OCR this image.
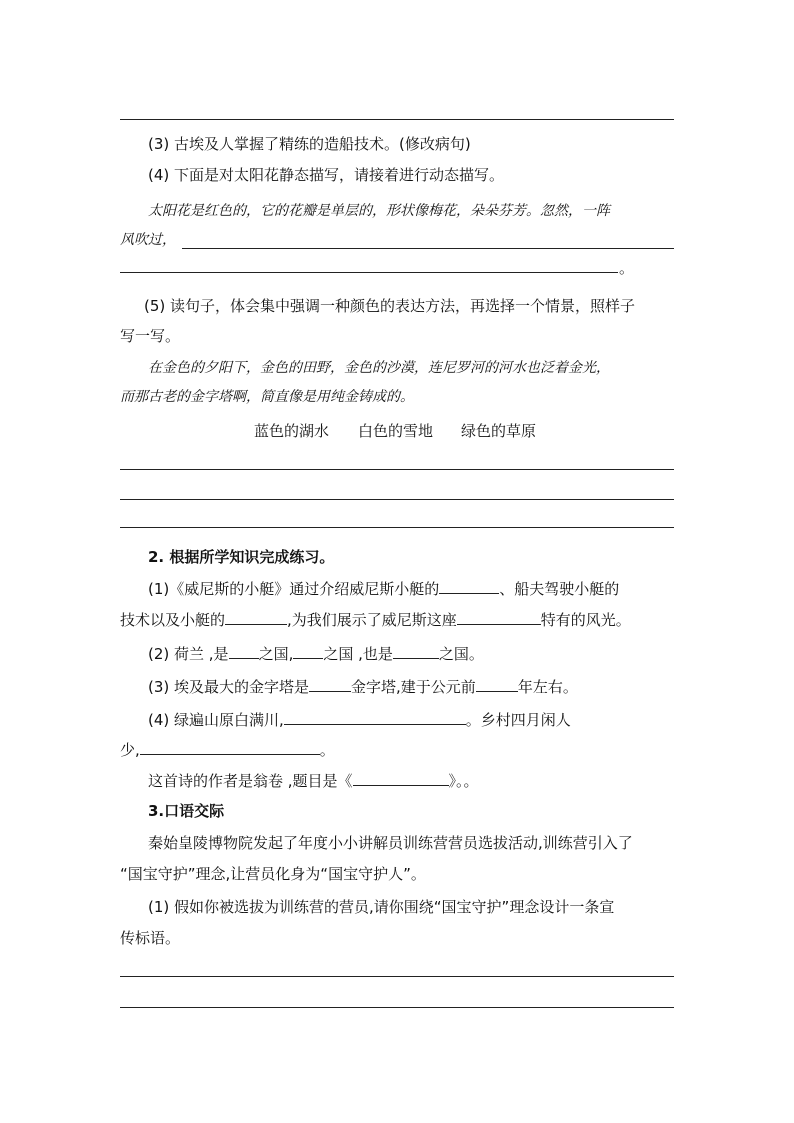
(3) 古埃及人掌握了精练的造船技术。(修改病句)
(4) 下面是对太阳花静态描写，请接着进行动态描写。
太阳花是红色的，它的花瓣是单层的，形状像梅花，朵朵芬芳。忽然，一阵
风吹过，
。
(5) 读句子，体会集中强调一种颜色的表达方法，再选择一个情景，照样子
写一写。
在金色的夕阳下，金色的田野，金色的沙漠，连尼罗河的河水也泛着金光，
而那古老的金字塔啊，简直像是用纯金铸成的。
蓝色的湖水 白色的雪地 绿色的草原
2. 根据所学知识完成练习。
(1)《威尼斯的小艇》通过介绍威尼斯小艇的	、船夫驾驶小艇的
技术以及小艇的	,为我们展示了威尼斯这座	特有的风光。
(2) 荷兰 ,是 之国, 之国 ,也是	之国。
(3) 埃及最大的金字塔是	金字塔,建于公元前	年左右。
(4) 绿遍山原白满川,	。乡村四月闲人
少,	。
这首诗的作者是翁卷 ,题目是《	》。。
3.口语交际
秦始皇陵博物院发起了年度小小讲解员训练营营员选拔活动,训练营引入了
“国宝守护”理念,让营员化身为“国宝守护人”。
(1) 假如你被选拔为训练营的营员,请你围绕“国宝守护”理念设计一条宣
传标语。
